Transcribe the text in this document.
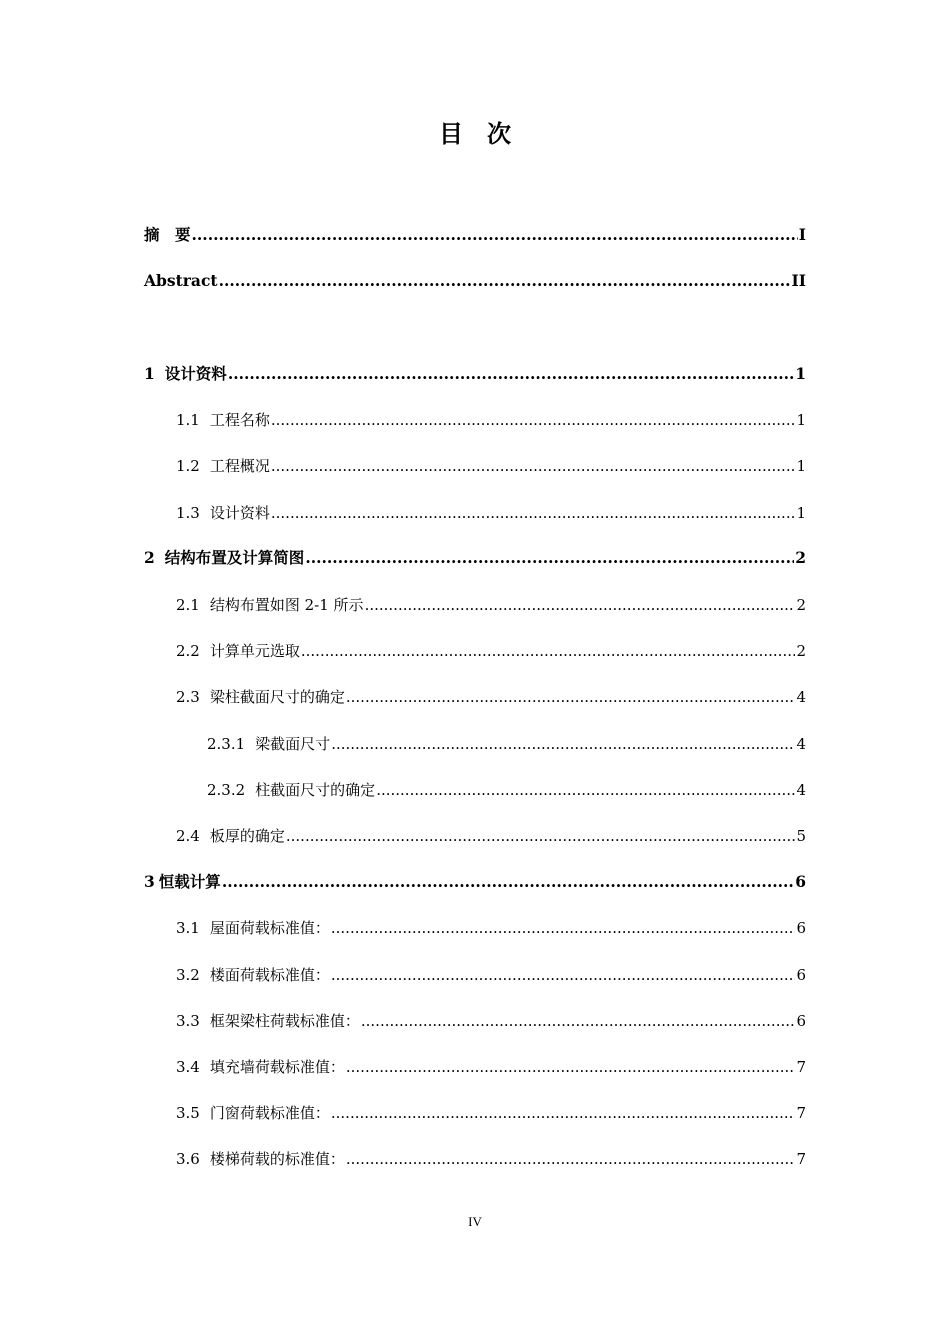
目 次
摘　要 .....	I
Abstract .....	II
1 设计资料 .....	1
1.1 工程名称 .....	1
1.2 工程概况 .....	1
1.3 设计资料 .....	1
2 结构布置及计算简图 .....	2
2.1 结构布置如图 2-1 所示 .....	2
2.2 计算单元选取 .....	2
2.3 梁柱截面尺寸的确定 .....	4
2.3.1 梁截面尺寸 .....	4
2.3.2 柱截面尺寸的确定 .....	4
2.4 板厚的确定 .....	5
3 恒载计算 .....	6
3.1 屋面荷载标准值： .....	6
3.2 楼面荷载标准值： .....	6
3.3 框架梁柱荷载标准值： .....	6
3.4 填充墙荷载标准值： .....	7
3.5 门窗荷载标准值： .....	7
3.6 楼梯荷载的标准值： .....	7
IV
